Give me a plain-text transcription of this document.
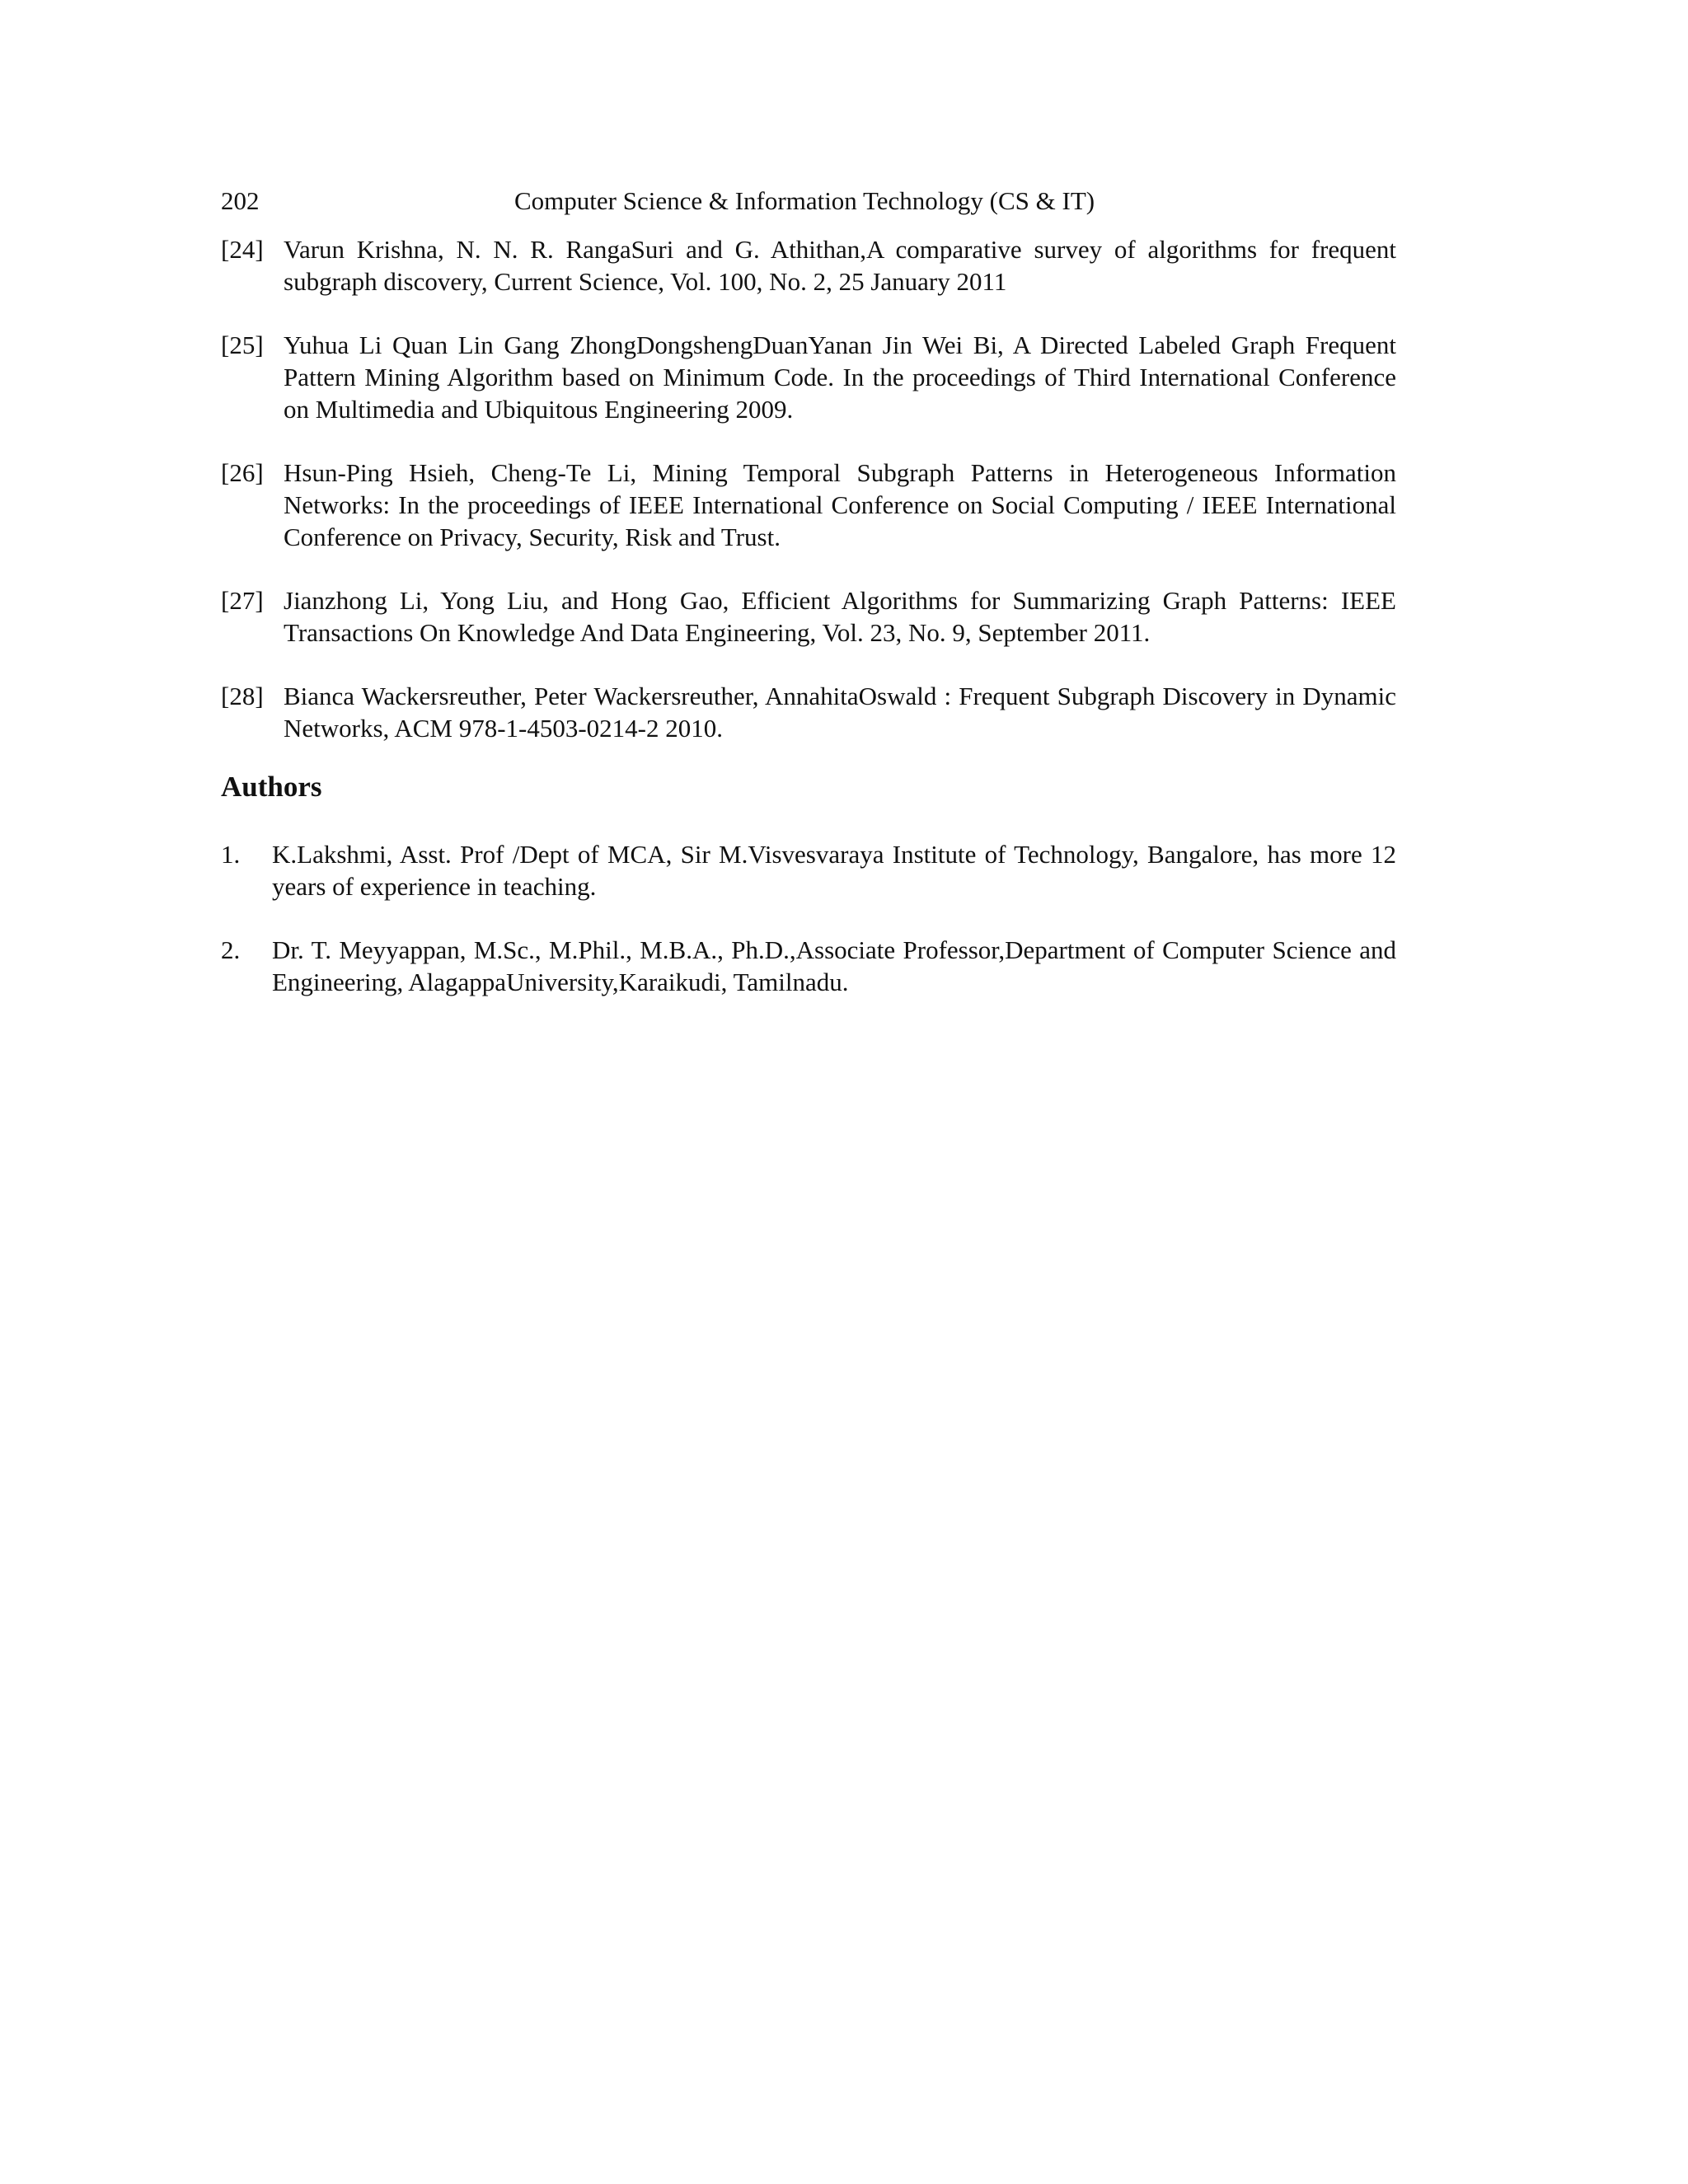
202	Computer Science & Information Technology (CS & IT)
[24] Varun Krishna, N. N. R. RangaSuri and G. Athithan,A comparative survey of algorithms for frequent subgraph discovery, Current Science, Vol. 100, No. 2, 25 January 2011
[25] Yuhua Li Quan Lin Gang ZhongDongshengDuanYanan Jin Wei Bi, A Directed Labeled Graph Frequent Pattern Mining Algorithm based on Minimum Code. In the proceedings of Third International Conference on Multimedia and Ubiquitous Engineering 2009.
[26] Hsun-Ping Hsieh, Cheng-Te Li, Mining Temporal Subgraph Patterns in Heterogeneous Information Networks: In the proceedings of IEEE International Conference on Social Computing / IEEE International Conference on Privacy, Security, Risk and Trust.
[27] Jianzhong Li, Yong Liu, and Hong Gao, Efficient Algorithms for Summarizing Graph Patterns: IEEE Transactions On Knowledge And Data Engineering, Vol. 23, No. 9, September 2011.
[28] Bianca Wackersreuther, Peter Wackersreuther, AnnahitaOswald : Frequent Subgraph Discovery in Dynamic Networks, ACM 978-1-4503-0214-2 2010.
Authors
1. K.Lakshmi, Asst. Prof /Dept of MCA, Sir M.Visvesvaraya Institute of Technology, Bangalore, has more 12 years of experience in teaching.
2. Dr. T. Meyyappan, M.Sc., M.Phil., M.B.A., Ph.D.,Associate Professor,Department of Computer Science and Engineering, AlagappaUniversity,Karaikudi, Tamilnadu.
